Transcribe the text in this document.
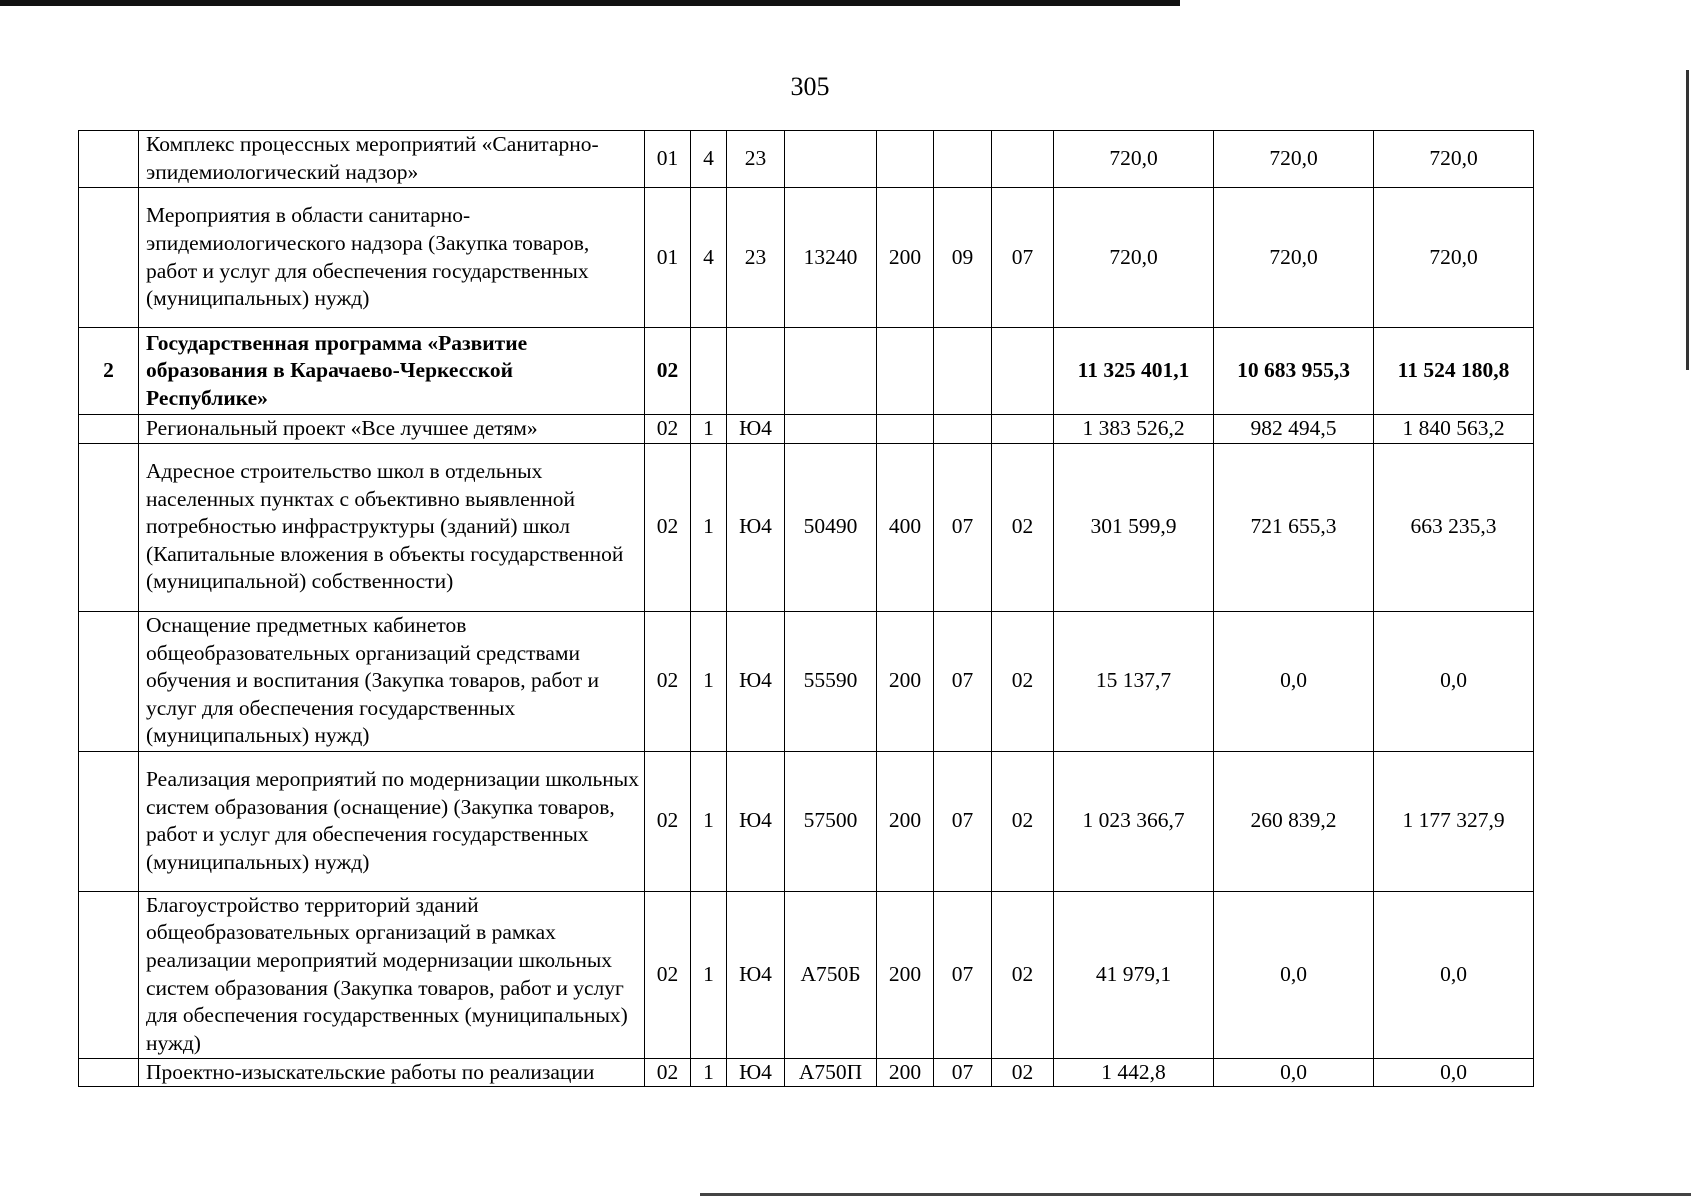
305
	Комплекс процессных мероприятий «Санитарно-эпидемиологический надзор»	01	4	23					720,0	720,0	720,0
	Мероприятия в области санитарно-эпидемиологического надзора (Закупка товаров, работ и услуг для обеспечения государственных (муниципальных) нужд)	01	4	23	13240	200	09	07	720,0	720,0	720,0
2	Государственная программа «Развитие образования в Карачаево-Черкесской Республике»	02							11 325 401,1	10 683 955,3	11 524 180,8
	Региональный проект «Все лучшее детям»	02	1	Ю4					1 383 526,2	982 494,5	1 840 563,2
	Адресное строительство школ в отдельных населенных пунктах с объективно выявленной потребностью инфраструктуры (зданий) школ (Капитальные вложения в объекты государственной (муниципальной) собственности)	02	1	Ю4	50490	400	07	02	301 599,9	721 655,3	663 235,3
	Оснащение предметных кабинетов общеобразовательных организаций средствами обучения и воспитания (Закупка товаров, работ и услуг для обеспечения государственных (муниципальных) нужд)	02	1	Ю4	55590	200	07	02	15 137,7	0,0	0,0
	Реализация мероприятий по модернизации школьных систем образования (оснащение) (Закупка товаров, работ и услуг для обеспечения государственных (муниципальных) нужд)	02	1	Ю4	57500	200	07	02	1 023 366,7	260 839,2	1 177 327,9
	Благоустройство территорий зданий общеобразовательных организаций в рамках реализации мероприятий модернизации школьных систем образования (Закупка товаров, работ и услуг для обеспечения государственных (муниципальных) нужд)	02	1	Ю4	А750Б	200	07	02	41 979,1	0,0	0,0
	Проектно-изыскательские работы по реализации	02	1	Ю4	А750П	200	07	02	1 442,8	0,0	0,0
